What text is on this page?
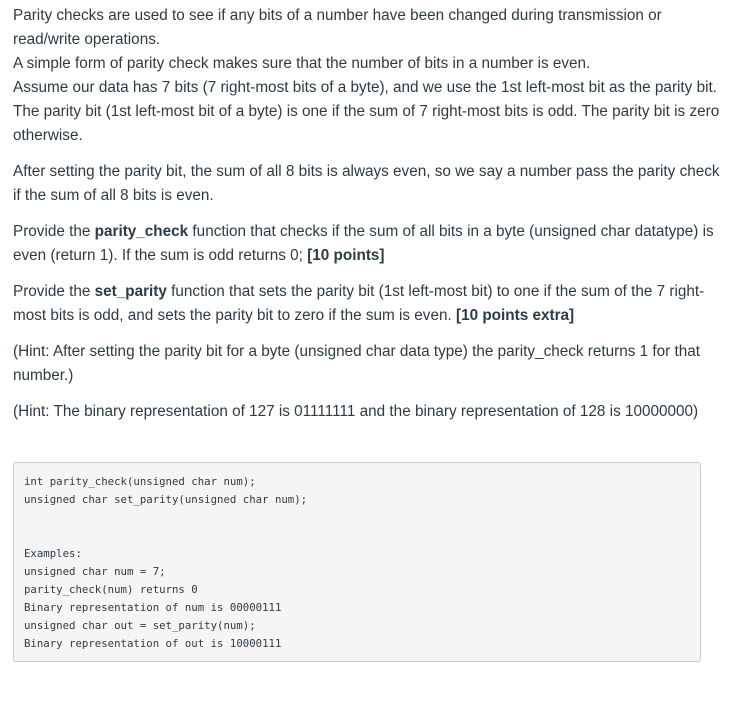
Parity checks are used to see if any bits of a number have been changed during transmission or read/write operations.

A simple form of parity check makes sure that the number of bits in a number is even.

Assume our data has 7 bits (7 right-most bits of a byte), and we use the 1st left-most bit as the parity bit. The parity bit (1st left-most bit of a byte) is one if the sum of 7 right-most bits is odd. The parity bit is zero otherwise.

After setting the parity bit, the sum of all 8 bits is always even, so we say a number pass the parity check if the sum of all 8 bits is even.

Provide the parity_check function that checks if the sum of all bits in a byte (unsigned char datatype) is even (return 1). If the sum is odd returns 0; [10 points]

Provide the set_parity function that sets the parity bit (1st left-most bit) to one if the sum of the 7 right-most bits is odd, and sets the parity bit to zero if the sum is even. [10 points extra]

(Hint: After setting the parity bit for a byte (unsigned char data type) the parity_check returns 1 for that number.)

(Hint: The binary representation of 127 is 01111111 and the binary representation of 128 is 10000000)

int parity_check(unsigned char num);
unsigned char set_parity(unsigned char num);
Examples:
unsigned char num = 7;
parity_check(num) returns 0
Binary representation of num is 00000111
unsigned char out = set_parity(num);
Binary representation of out is 10000111
